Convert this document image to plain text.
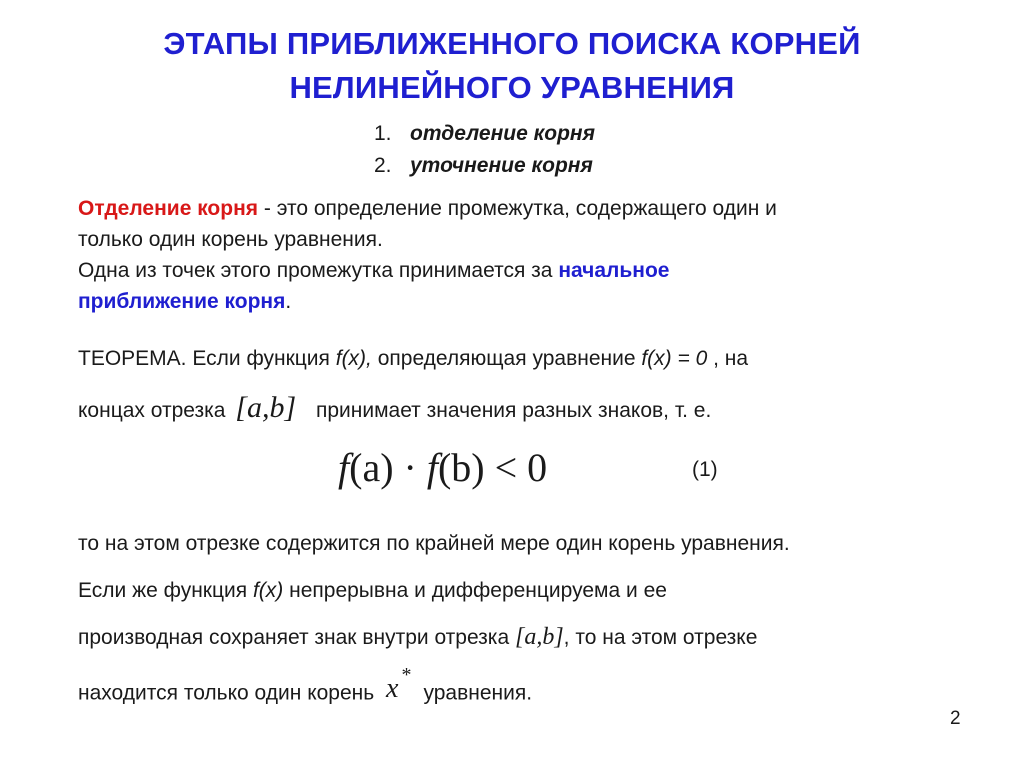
ЭТАПЫ ПРИБЛИЖЕННОГО ПОИСКА КОРНЕЙ
НЕЛИНЕЙНОГО УРАВНЕНИЯ
1. отделение корня
2. уточнение корня
Отделение корня - это определение промежутка, содержащего один и
только один корень уравнения.
Одна из точек этого промежутка принимается за начальное
приближение корня.
ТЕОРЕМА. Если функция f(x), определяющая уравнение f(x) = 0 , на
концах отрезка [a,b] принимает значения разных знаков, т. е.
f(a) · f(b) < 0	(1)
то на этом отрезке содержится по крайней мере один корень уравнения.
Если же функция f(x) непрерывна и дифференцируема и ее
производная сохраняет знак внутри отрезка [a,b], то на этом отрезке
находится только один корень x *уравнения.
2
